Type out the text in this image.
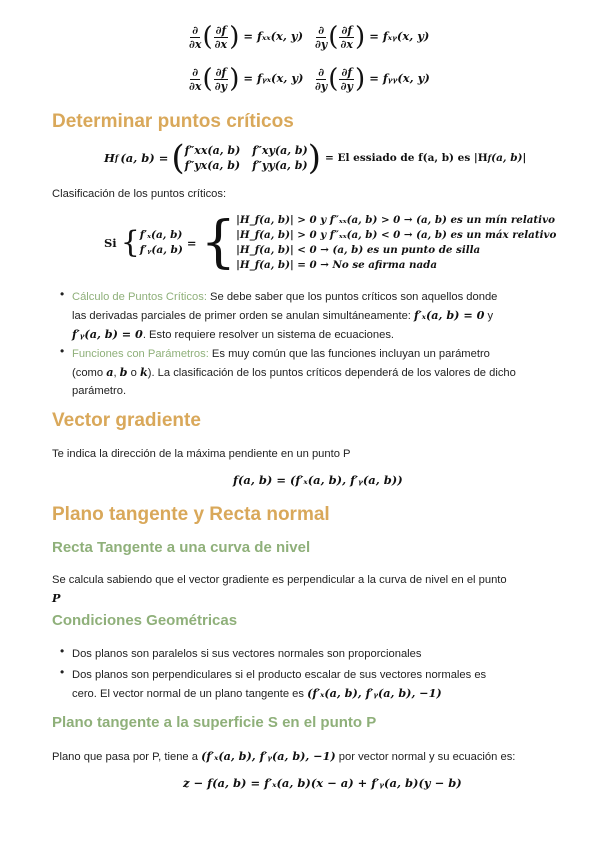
$\frac{\partial}{\partial x}$ ( $\frac{\partial f}{\partial x}$ ) = fₓₓ(x, $y) \frac{\partial}{\partial y}$ ( $\frac{\partial f}{\partial x}$ ) = fₓᵧ(x, y)
$\frac{\partial}{\partial x}$ ( $\frac{\partial f}{\partial y}$ ) = fᵧₓ(x, $y) \frac{\partial}{\partial y}$ ( $\frac{\partial f}{\partial y}$ ) = fᵧᵧ(x, y)
Determinar puntos críticos
H f (a, b) = ( f″xx(a, b) f″xy(a, b)
f″yx(a, b) f″yy(a, b) ) = El essiado de f(a, b) es |H f (a, b)|
Clasificación de los puntos críticos:
Si { f′ₓ(a, b)
f′ᵧ(a, b) = { |H_f(a, b)| > 0 y f″ₓₓ(a, b) > 0 → (a, b) es un mín relativo
|H_f(a, b)| > 0 y f″ₓₓ(a, b) < 0 → (a, b) es un máx relativo
|H_f(a, b)| < 0 → (a, b) es un punto de silla
|H_f(a, b)| = 0 → No se afirma nada
• Cálculo de Puntos Críticos: Se debe saber que los puntos críticos son aquellos donde
las derivadas parciales de primer orden se anulan simultáneamente: f′ₓ(a, b) = 0 y
f′ᵧ(a, b) = 0. Esto requiere resolver un sistema de ecuaciones.
• Funciones con Parámetros: Es muy común que las funciones incluyan un parámetro
(como a, b o k). La clasificación de los puntos críticos dependerá de los valores de dicho
parámetro.
Vector gradiente
Te indica la dirección de la máxima pendiente en un punto P
f(a, b) = (f′ₓ(a, b), f′ᵧ(a, b))
Plano tangente y Recta normal
Recta Tangente a una curva de nivel
Se calcula sabiendo que el vector gradiente es perpendicular a la curva de nivel en el punto
P
Condiciones Geométricas
• Dos planos son paralelos si sus vectores normales son proporcionales
• Dos planos son perpendiculares si el producto escalar de sus vectores normales es
cero. El vector normal de un plano tangente es (f′ₓ(a, b), f′ᵧ(a, b), −1)
Plano tangente a la superficie S en el punto P
Plano que pasa por P, tiene a (f′ₓ(a, b), f′ᵧ(a, b), −1) por vector normal y su ecuación es:
z − f(a, b) = f′ₓ(a, b)(x − a) + f′ᵧ(a, b)(y − b)
